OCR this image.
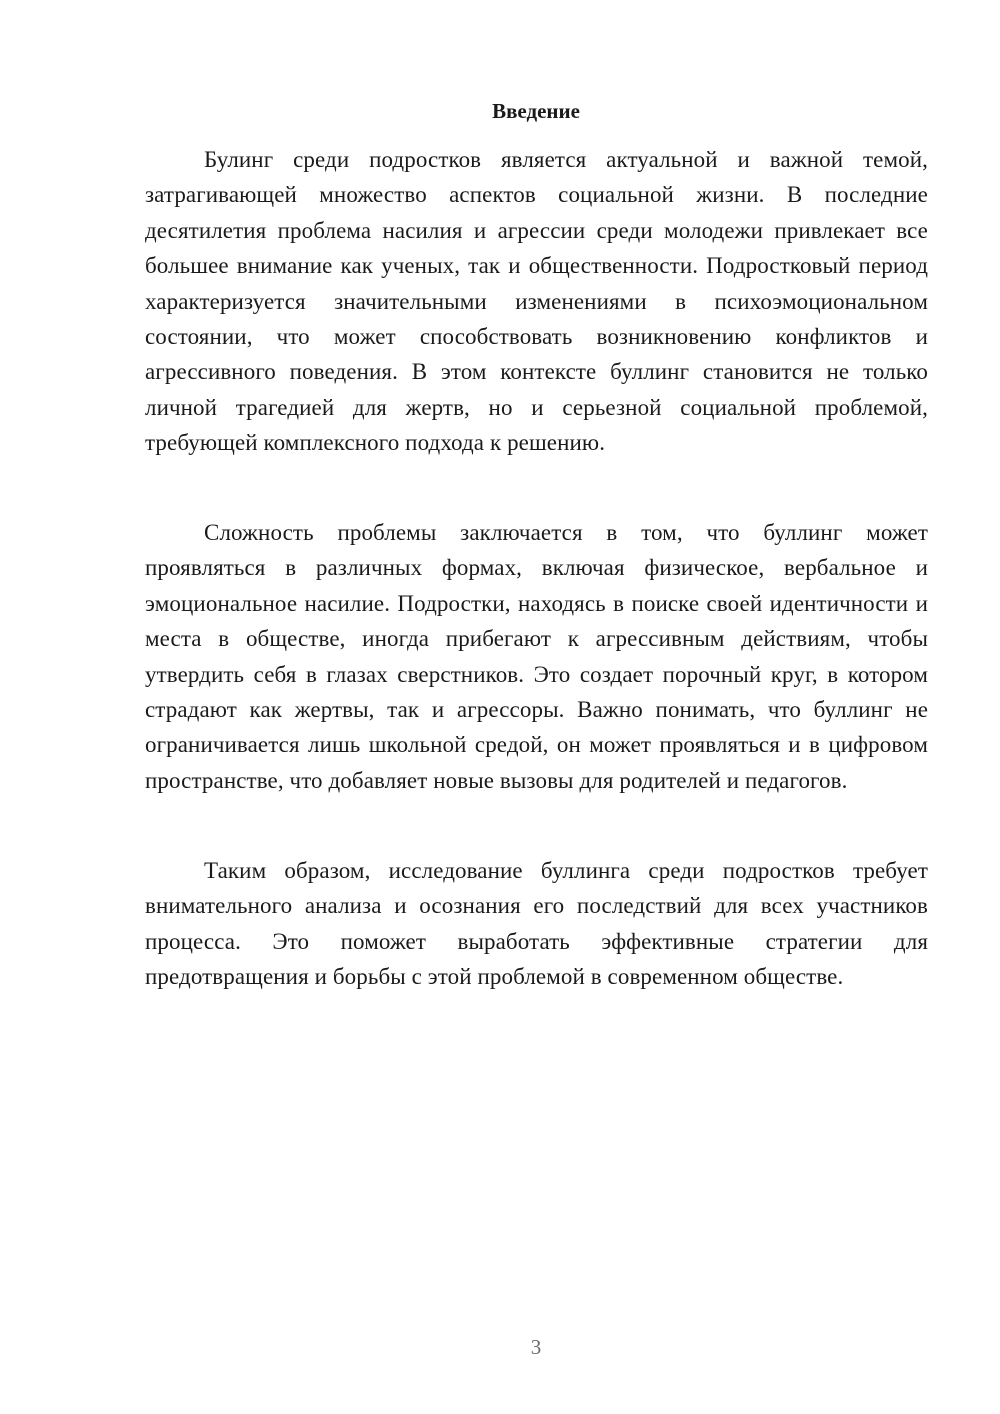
Введение

Булинг среди подростков является актуальной и важной темой, затрагивающей множество аспектов социальной жизни. В последние десятилетия проблема насилия и агрессии среди молодежи привлекает все большее внимание как ученых, так и общественности. Подростковый период характеризуется значительными изменениями в психоэмоциональном состоянии, что может способствовать возникновению конфликтов и агрессивного поведения. В этом контексте буллинг становится не только личной трагедией для жертв, но и серьезной социальной проблемой, требующей комплексного подхода к решению.

Сложность проблемы заключается в том, что буллинг может проявляться в различных формах, включая физическое, вербальное и эмоциональное насилие. Подростки, находясь в поиске своей идентичности и места в обществе, иногда прибегают к агрессивным действиям, чтобы утвердить себя в глазах сверстников. Это создает порочный круг, в котором страдают как жертвы, так и агрессоры. Важно понимать, что буллинг не ограничивается лишь школьной средой, он может проявляться и в цифровом пространстве, что добавляет новые вызовы для родителей и педагогов.

Таким образом, исследование буллинга среди подростков требует внимательного анализа и осознания его последствий для всех участников процесса. Это поможет выработать эффективные стратегии для предотвращения и борьбы с этой проблемой в современном обществе.

3
